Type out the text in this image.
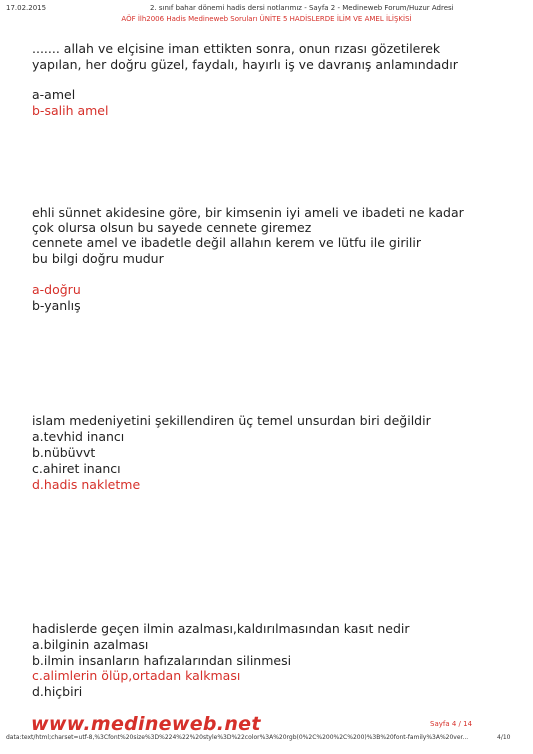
17.02.2015	2. sınıf bahar dönemi hadis dersi notlarımız - Sayfa 2 - Medineweb Forum/Huzur Adresi
AÖF İlh2006 Hadis Medineweb Soruları ÜNİTE 5 HADİSLERDE İLİM VE AMEL İLİŞKİSİ
....... allah ve elçisine iman ettikten sonra, onun rızası gözetilerek
yapılan, her doğru güzel, faydalı, hayırlı iş ve davranış anlamındadır
a-amel
b-salih amel
ehli sünnet akidesine göre, bir kimsenin iyi ameli ve ibadeti ne kadar
çok olursa olsun bu sayede cennete giremez
cennete amel ve ibadetle değil allahın kerem ve lütfu ile girilir
bu bilgi doğru mudur
a-doğru
b-yanlış
islam medeniyetini şekillendiren üç temel unsurdan biri değildir
a.tevhid inancı
b.nübüvvt
c.ahiret inancı
d.hadis nakletme
hadislerde geçen ilmin azalması,kaldırılmasından kasıt nedir
a.bilginin azalması
b.ilmin insanların hafızalarından silinmesi
c.alimlerin ölüp,ortadan kalkması
d.hiçbiri
www.medineweb.net	Sayfa 4 / 14
data:text/html;charset=utf-8,%3Cfont%20size%3D%224%22%20style%3D%22color%3A%20rgb(0%2C%200%2C%200)%3B%20font-family%3A%20ver...	4/10
